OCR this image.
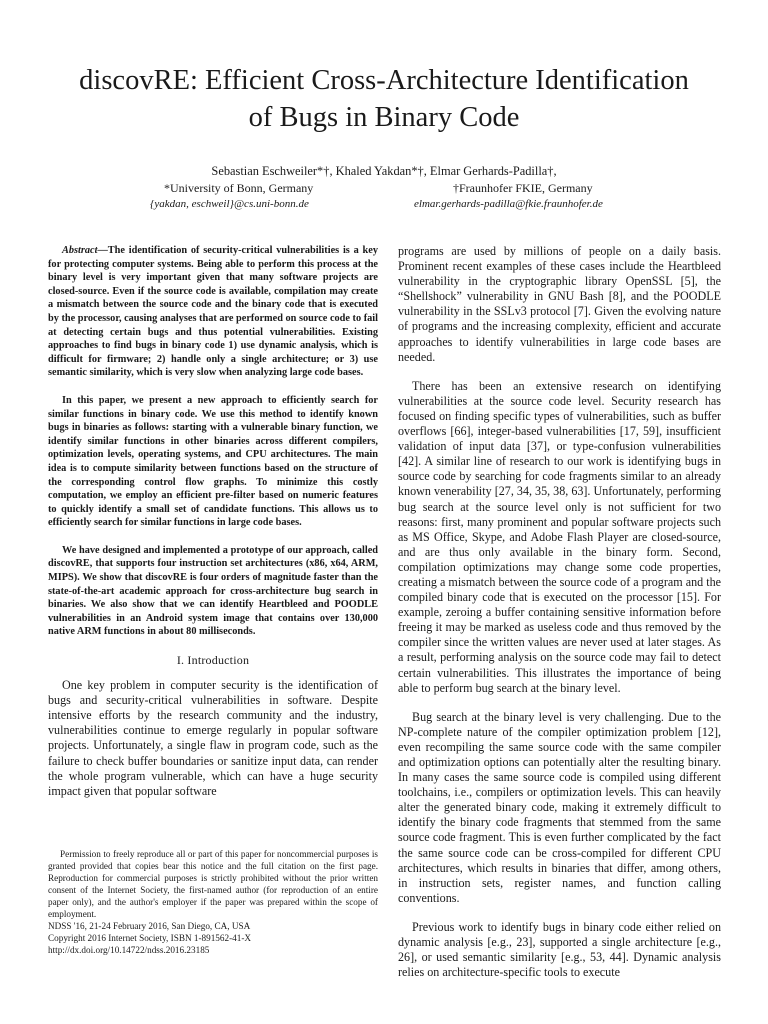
discovRE: Efficient Cross-Architecture Identification
of Bugs in Binary Code
Sebastian Eschweiler*†, Khaled Yakdan*†, Elmar Gerhards-Padilla†,
*University of Bonn, Germany	†Fraunhofer FKIE, Germany
{yakdan, eschweil}@cs.uni-bonn.de	elmar.gerhards-padilla@fkie.fraunhofer.de

Abstract—The identification of security-critical vulnerabilities is a key for protecting computer systems. Being able to perform this process at the binary level is very important given that many software projects are closed-source. Even if the source code is available, compilation may create a mismatch between the source code and the binary code that is executed by the processor, causing analyses that are performed on source code to fail at detecting certain bugs and thus potential vulnerabilities. Existing approaches to find bugs in binary code 1) use dynamic analysis, which is difficult for firmware; 2) handle only a single architecture; or 3) use semantic similarity, which is very slow when analyzing large code bases.

In this paper, we present a new approach to efficiently search for similar functions in binary code. We use this method to identify known bugs in binaries as follows: starting with a vulnerable binary function, we identify similar functions in other binaries across different compilers, optimization levels, operating systems, and CPU architectures. The main idea is to compute similarity between functions based on the structure of the corresponding control flow graphs. To minimize this costly computation, we employ an efficient pre-filter based on numeric features to quickly identify a small set of candidate functions. This allows us to efficiently search for similar functions in large code bases.

We have designed and implemented a prototype of our approach, called discovRE, that supports four instruction set architectures (x86, x64, ARM, MIPS). We show that discovRE is four orders of magnitude faster than the state-of-the-art academic approach for cross-architecture bug search in binaries. We also show that we can identify Heartbleed and POODLE vulnerabilities in an Android system image that contains over 130,000 native ARM functions in about 80 milliseconds.

I. Introduction

One key problem in computer security is the identification of bugs and security-critical vulnerabilities in software. Despite intensive efforts by the research community and the industry, vulnerabilities continue to emerge regularly in popular software projects. Unfortunately, a single flaw in program code, such as the failure to check buffer boundaries or sanitize input data, can render the whole program vulnerable, which can have a huge security impact given that popular software

Permission to freely reproduce all or part of this paper for noncommercial purposes is granted provided that copies bear this notice and the full citation on the first page. Reproduction for commercial purposes is strictly prohibited without the prior written consent of the Internet Society, the first-named author (for reproduction of an entire paper only), and the author's employer if the paper was prepared within the scope of employment.
NDSS '16, 21-24 February 2016, San Diego, CA, USA
Copyright 2016 Internet Society, ISBN 1-891562-41-X
http://dx.doi.org/10.14722/ndss.2016.23185

programs are used by millions of people on a daily basis. Prominent recent examples of these cases include the Heartbleed vulnerability in the cryptographic library OpenSSL [5], the “Shellshock” vulnerability in GNU Bash [8], and the POODLE vulnerability in the SSLv3 protocol [7]. Given the evolving nature of programs and the increasing complexity, efficient and accurate approaches to identify vulnerabilities in large code bases are needed.

There has been an extensive research on identifying vulnerabilities at the source code level. Security research has focused on finding specific types of vulnerabilities, such as buffer overflows [66], integer-based vulnerabilities [17, 59], insufficient validation of input data [37], or type-confusion vulnerabilities [42]. A similar line of research to our work is identifying bugs in source code by searching for code fragments similar to an already known venerability [27, 34, 35, 38, 63]. Unfortunately, performing bug search at the source level only is not sufficient for two reasons: first, many prominent and popular software projects such as MS Office, Skype, and Adobe Flash Player are closed-source, and are thus only available in the binary form. Second, compilation optimizations may change some code properties, creating a mismatch between the source code of a program and the compiled binary code that is executed on the processor [15]. For example, zeroing a buffer containing sensitive information before freeing it may be marked as useless code and thus removed by the compiler since the written values are never used at later stages. As a result, performing analysis on the source code may fail to detect certain vulnerabilities. This illustrates the importance of being able to perform bug search at the binary level.

Bug search at the binary level is very challenging. Due to the NP-complete nature of the compiler optimization problem [12], even recompiling the same source code with the same compiler and optimization options can potentially alter the resulting binary. In many cases the same source code is compiled using different toolchains, i.e., compilers or optimization levels. This can heavily alter the generated binary code, making it extremely difficult to identify the binary code fragments that stemmed from the same source code fragment. This is even further complicated by the fact the same source code can be cross-compiled for different CPU architectures, which results in binaries that differ, among others, in instruction sets, register names, and function calling conventions.

Previous work to identify bugs in binary code either relied on dynamic analysis [e.g., 23], supported a single architecture [e.g., 26], or used semantic similarity [e.g., 53, 44]. Dynamic analysis relies on architecture-specific tools to execute
